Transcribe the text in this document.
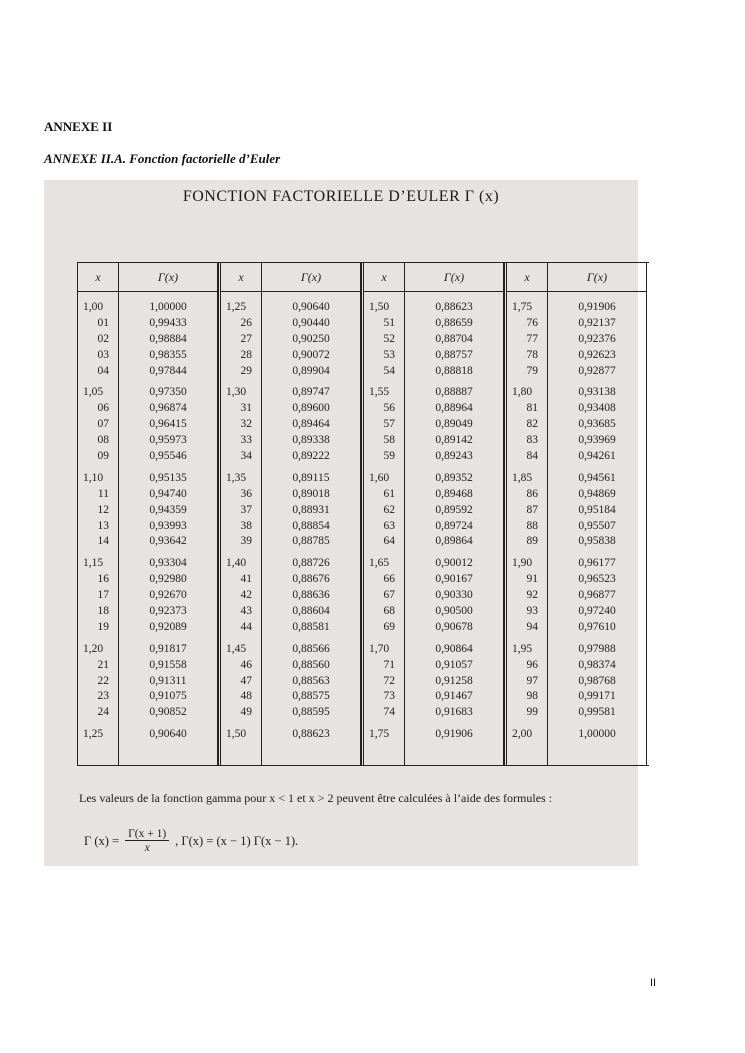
ANNEXE II
ANNEXE II.A. Fonction factorielle d’Euler
FONCTION FACTORIELLE D’EULER Γ (x)
x
1,00
01
02
03
04
1,05
06
07
08
09
1,10
11
12
13
14
1,15
16
17
18
19
1,20
21
22
23
24
1,25
Γ(x)
1,00000
0,99433
0,98884
0,98355
0,97844
0,97350
0,96874
0,96415
0,95973
0,95546
0,95135
0,94740
0,94359
0,93993
0,93642
0,93304
0,92980
0,92670
0,92373
0,92089
0,91817
0,91558
0,91311
0,91075
0,90852
0,90640
x
1,25
26
27
28
29
1,30
31
32
33
34
1,35
36
37
38
39
1,40
41
42
43
44
1,45
46
47
48
49
1,50
Γ(x)
0,90640
0,90440
0,90250
0,90072
0,89904
0,89747
0,89600
0,89464
0,89338
0,89222
0,89115
0,89018
0,88931
0,88854
0,88785
0,88726
0,88676
0,88636
0,88604
0,88581
0,88566
0,88560
0,88563
0,88575
0,88595
0,88623
x
1,50
51
52
53
54
1,55
56
57
58
59
1,60
61
62
63
64
1,65
66
67
68
69
1,70
71
72
73
74
1,75
Γ(x)
0,88623
0,88659
0,88704
0,88757
0,88818
0,88887
0,88964
0,89049
0,89142
0,89243
0,89352
0,89468
0,89592
0,89724
0,89864
0,90012
0,90167
0,90330
0,90500
0,90678
0,90864
0,91057
0,91258
0,91467
0,91683
0,91906
x
1,75
76
77
78
79
1,80
81
82
83
84
1,85
86
87
88
89
1,90
91
92
93
94
1,95
96
97
98
99
2,00
Γ(x)
0,91906
0,92137
0,92376
0,92623
0,92877
0,93138
0,93408
0,93685
0,93969
0,94261
0,94561
0,94869
0,95184
0,95507
0,95838
0,96177
0,96523
0,96877
0,97240
0,97610
0,97988
0,98374
0,98768
0,99171
0,99581
1,00000
Les valeurs de la fonction gamma pour x < 1 et x > 2 peuvent être calculées à l’aide des formules :
Γ $(x) = \frac{\Gamma(x + 1)}{x}$ , Γ(x) = (x − 1) Γ(x − 1).
II
